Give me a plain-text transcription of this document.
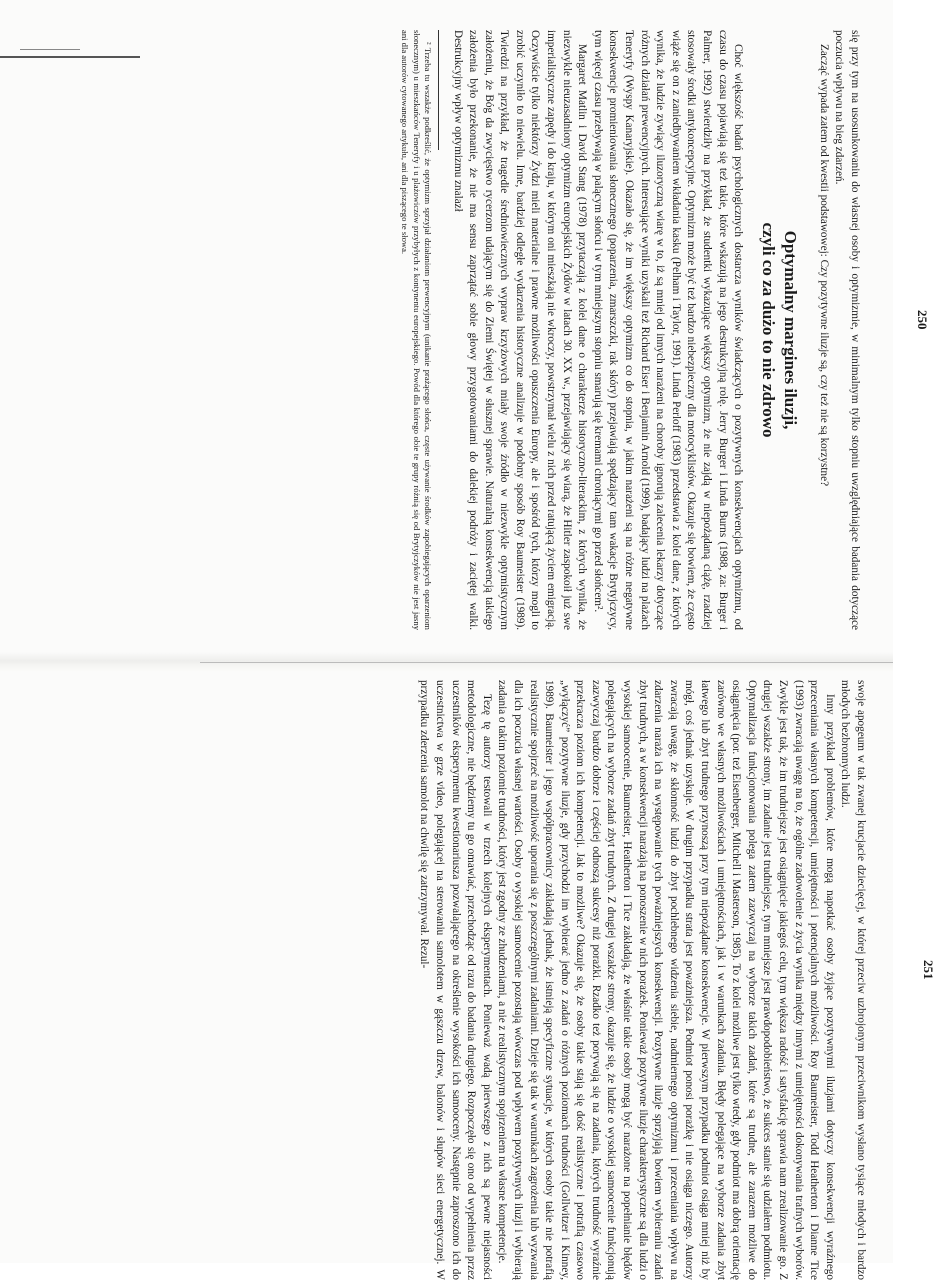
250

się przy tym na usosunkowaniu do własnej osoby i optymizmie, w minimalnym tylko stopniu uwzględniające badania dotyczące poczucia wpływu na bieg zdarzeń.

Zacząć wypada zatem od kwestii podstawowej: Czy pozytywne iluzje są, czy też nie są korzystne?

Optymalny margines iluzji,
czyli co za dużo to nie zdrowo

Choć większość badań psychologicznych dostarcza wyników świadczących o pozytywnych konsekwencjach optymizmu, od czasu do czasu pojawiają się też takie, które wskazują na jego destrukcyjną rolę. Jerry Burger i Linda Burns (1988, za: Burger i Palmer, 1992) stwierdziły na przykład, że studentki wykazujące większy optymizm, że nie zajdą w niepożądaną ciążę, rzadziej stosowały środki antykoncepcyjne. Optymizm może być też bardzo niebezpieczny dla motocyklistów. Okazuje się bowiem, że często wiąże się on z zaniedbywaniem wkładania kasku (Pelham i Taylor, 1991). Linda Perloff (1983) przedstawia z kolei dane, z których wynika, że ludzie zywiący iluzoryczną wiarę w to, iż są mniej od innych narażeni na choroby ignorują zalecenia lekarzy dotyczące różnych działań prewencyjnych. Interesujące wyniki uzyskali też Richard Eiser i Benjamin Arnold (1999), badający ludzi na plażach Teneryfy (Wyspy Kanaryjskie). Okazało się, że im większy optymizm co do stopnia, w jakim narażeni są na różne negatywne konsekwencje promieniowania słonecznego (poparzenia, zmarszczki, rak skóry) przejawiają spędzający tam wakacje Brytyjczycy, tym więcej czasu przebywają w palącym słońcu i w tym mniejszym stopniu smarują się kremami chroniącymi go przed słońcem².

Margaret Matlin i David Stang (1978) przytaczają z kolei dane o charakterze historyczno-literackim, z których wynika, że niezwykle nieuzasadniony optymizm europejskich Żydów w latach 30. XX w., przejawiający się wiarą, że Hitler zaspokoił już swe imperialistyczne zapędy i do kraju, w którym oni mieszkają nie wkroczy, powstrzymał wielu z nich przed ratującą życiem emigracją. Oczywiście tylko niektórzy Żydzi mieli materialne i prawne możliwości opuszczenia Europy, ale i spośród tych, którzy mogli to zrobić uczyniło to niewielu. Inne, bardziej odległe wydarzenia historyczne analizuje w podobny sposób Roy Baumeister (1989). Twierdzi na przykład, że tragedie średniowiecznych wypraw krzyżowych miały swoje źródło w niezwykle optymistycznym założeniu, że Bóg da zwycięstwo rycerzom udającym się do Ziemi Świętej w słusznej sprawie. Naturalną konsekwencją takiego założenia było przekonanie, że nie ma sensu zaprzątać sobie głowy przygotowaniami do dalekiej podróży i zaciętej walki. Destrukcyjny wpływ optymizmu znalazł

² Trzeba tu wszakże podkreślić, że optymizm sprzyjał działaniom prewencyjnym (unikanie prażącego słońca, częste używanie środków zapobiegających oparzeniom słonecznym) u mieszkańców Teneryfy i u plażowiczów przybyłych z kontynentu europejskiego. Powód dla którego obie te grupy różnią się od Brytyjczyków nie jest jasny ani dla autorów cytowanego artykułu, ani dla piszącego te słowa.

251

swoje apogeum w tak zwanej krucjacie dziecięcej, w której przeciw uzbrojonym przeciwnikom wysłano tysiące młodych i bardzo młodych bezbronnych ludzi.

Inny przykład problemów, które mogą napotkać osoby żyjące pozytywnymi iluzjami dotyczy konsekwencji wyraźnego przeceniania własnych kompetencji, umiejętności i potencjalnych możliwości. Roy Baumeister, Todd Heatherton i Dianne Tice (1993) zwracają uwagę na to, że ogólne zadowolenie z życia wynika między innymi z umiejętności dokonywania trafnych wyborów. Zwykle jest tak, że im trudniejsze jest osiągnięcie jakiegoś celu, tym większa radość i satysfakcję sprawia nam zrealizowanie go. Z drugiej wszakże strony, im zadanie jest trudniejsze, tym mniejsze jest prawdopodobieństwo, że sukces stanie się udziałem podmiotu. Optymalizacja funkcjonowania polega zatem zazwyczaj na wyborze takich zadań, które są trudne, ale zarazem możliwe do osiągnięcia (por. też Eisenberger, Mitchell i Masterson, 1985). To z kolei możliwe jest tylko wtedy, gdy podmiot ma dobrą orientację zarówno we własnych możliwościach i umiejętnościach, jak i w warunkach zadania. Błędy polegające na wyborze zadania zbyt łatwego lub zbyt trudnego przynoszą przy tym niepożądane konsekwencje. W pierwszym przypadku podmiot osiąga mniej niż by mógł, coś jednak uzyskuje. W drugim przypadku strata jest poważniejsza. Podmiot ponosi porażkę i nie osiąga niczego. Autorzy zwracają uwagę, że skłonność ludzi do zbyt pochlebnego widzenia siebie, nadmiernego optymizmu i przeceniania wpływu na zdarzenia naraża ich na występowanie tych poważniejszych konsekwencji. Pozytywne iluzje sprzyjają bowiem wybieraniu zadań zbyt trudnych, a w konsekwencji narażają na ponoszenie w nich porażek. Ponieważ pozytywne iluzje charakterystyczne są dla ludzi o wysokiej samoocenie, Baumeister, Heatherton i Tice zakładają, że właśnie takie osoby mogą być narażone na popełnianie błędów polegających na wyborze zadań zbyt trudnych. Z drugiej wszakże strony, okazuje się, że ludzie o wysokiej samoocenie funkcjonują zazwyczaj bardzo dobrze i częściej odnoszą sukcesy niż porażki. Rzadko też porywają się na zadania, których trudność wyraźnie przekracza poziom ich kompetencji. Jak to możliwe? Okazuje się, że osoby takie stają się dość realistyczne i potrafią czasowo „wyłączyć” pozytywne iluzje, gdy przychodzi im wybierać jedno z zadań o różnych poziomach trudności (Gollwitzer i Kinney, 1989). Baumeister i jego współpracownicy zakładają jednak, że istnieją specyficzne sytuacje, w których osoby takie nie potrafią realistycznie spojrzeć na możliwość uporania się z poszczególnymi zadaniami. Dzieje się tak w warunkach zagrożenia lub wyzwania dla ich poczucia własnej wartości. Osoby o wysokiej samoocenie pozostają wówczas pod wpływem pozytywnych iluzji i wybierają zadania o takim poziomie trudności, który jest zgodny ze zhudzeniami, a nie z realistycznym spojrzeniem na własne kompetencje.

Tezę tę autorzy testowali w trzech kolejnych eksperymentach. Ponieważ wadą pierwszego z nich są pewne niejasności metodologiczne, nie będziemy tu go omawiać, przechodząc od razu do badania drugiego. Rozpoczęło się ono od wypełnienia przez uczestników eksperymentu kwestionariusza pozwalającego na określenie wysokości ich samooceny. Następnie zaproszono ich do uczestnictwa w grze video, polegającej na sterowaniu samolotem w gąszczu drzew, balonów i słupów sieci energetycznej. W przypadku zderzenia samolot na chwilę się zatrzymywał. Rezul-
